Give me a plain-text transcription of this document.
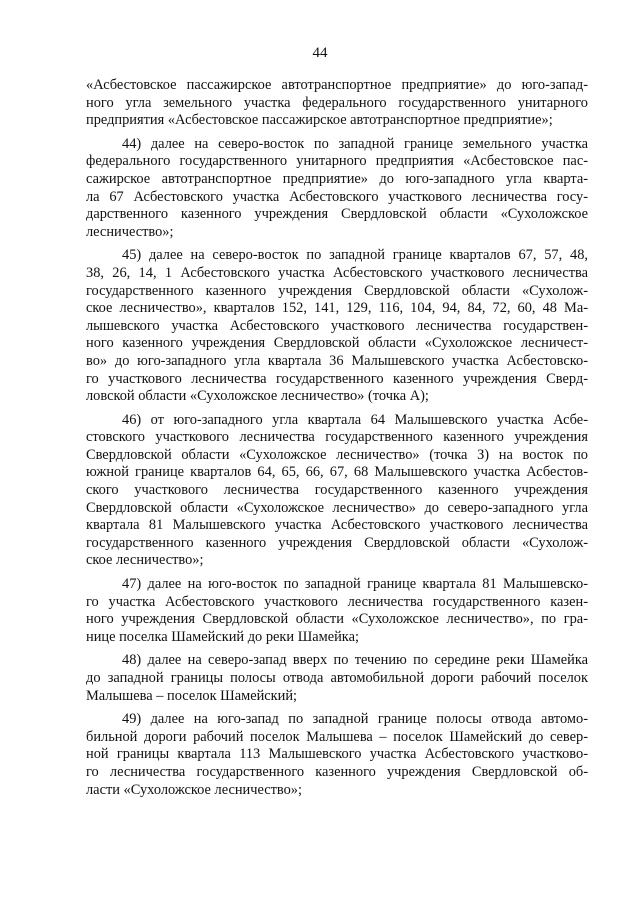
44
«Асбестовское пассажирское автотранспортное предприятие» до юго-запад-
ного угла земельного участка федерального государственного унитарного
предприятия «Асбестовское пассажирское автотранспортное предприятие»;
44) далее на северо-восток по западной границе земельного участка
федерального государственного унитарного предприятия «Асбестовское пас-
сажирское автотранспортное предприятие» до юго-западного угла кварта-
ла 67 Асбестовского участка Асбестовского участкового лесничества госу-
дарственного казенного учреждения Свердловской области «Сухоложское
лесничество»;
45) далее на северо-восток по западной границе кварталов 67, 57, 48,
38, 26, 14, 1 Асбестовского участка Асбестовского участкового лесничества
государственного казенного учреждения Свердловской области «Сухолож-
ское лесничество», кварталов 152, 141, 129, 116, 104, 94, 84, 72, 60, 48 Ма-
лышевского участка Асбестовского участкового лесничества государствен-
ного казенного учреждения Свердловской области «Сухоложское лесничест-
во» до юго-западного угла квартала 36 Малышевского участка Асбестовско-
го участкового лесничества государственного казенного учреждения Сверд-
ловской области «Сухоложское лесничество» (точка А);
46) от юго-западного угла квартала 64 Малышевского участка Асбе-
стовского участкового лесничества государственного казенного учреждения
Свердловской области «Сухоложское лесничество» (точка З) на восток по
южной границе кварталов 64, 65, 66, 67, 68 Малышевского участка Асбестов-
ского участкового лесничества государственного казенного учреждения
Свердловской области «Сухоложское лесничество» до северо-западного угла
квартала 81 Малышевского участка Асбестовского участкового лесничества
государственного казенного учреждения Свердловской области «Сухолож-
ское лесничество»;
47) далее на юго-восток по западной границе квартала 81 Малышевско-
го участка Асбестовского участкового лесничества государственного казен-
ного учреждения Свердловской области «Сухоложское лесничество», по гра-
нице поселка Шамейский до реки Шамейка;
48) далее на северо-запад вверх по течению по середине реки Шамейка
до западной границы полосы отвода автомобильной дороги рабочий поселок
Малышева – поселок Шамейский;
49) далее на юго-запад по западной границе полосы отвода автомо-
бильной дороги рабочий поселок Малышева – поселок Шамейский до север-
ной границы квартала 113 Малышевского участка Асбестовского участково-
го лесничества государственного казенного учреждения Свердловской об-
ласти «Сухоложское лесничество»;
